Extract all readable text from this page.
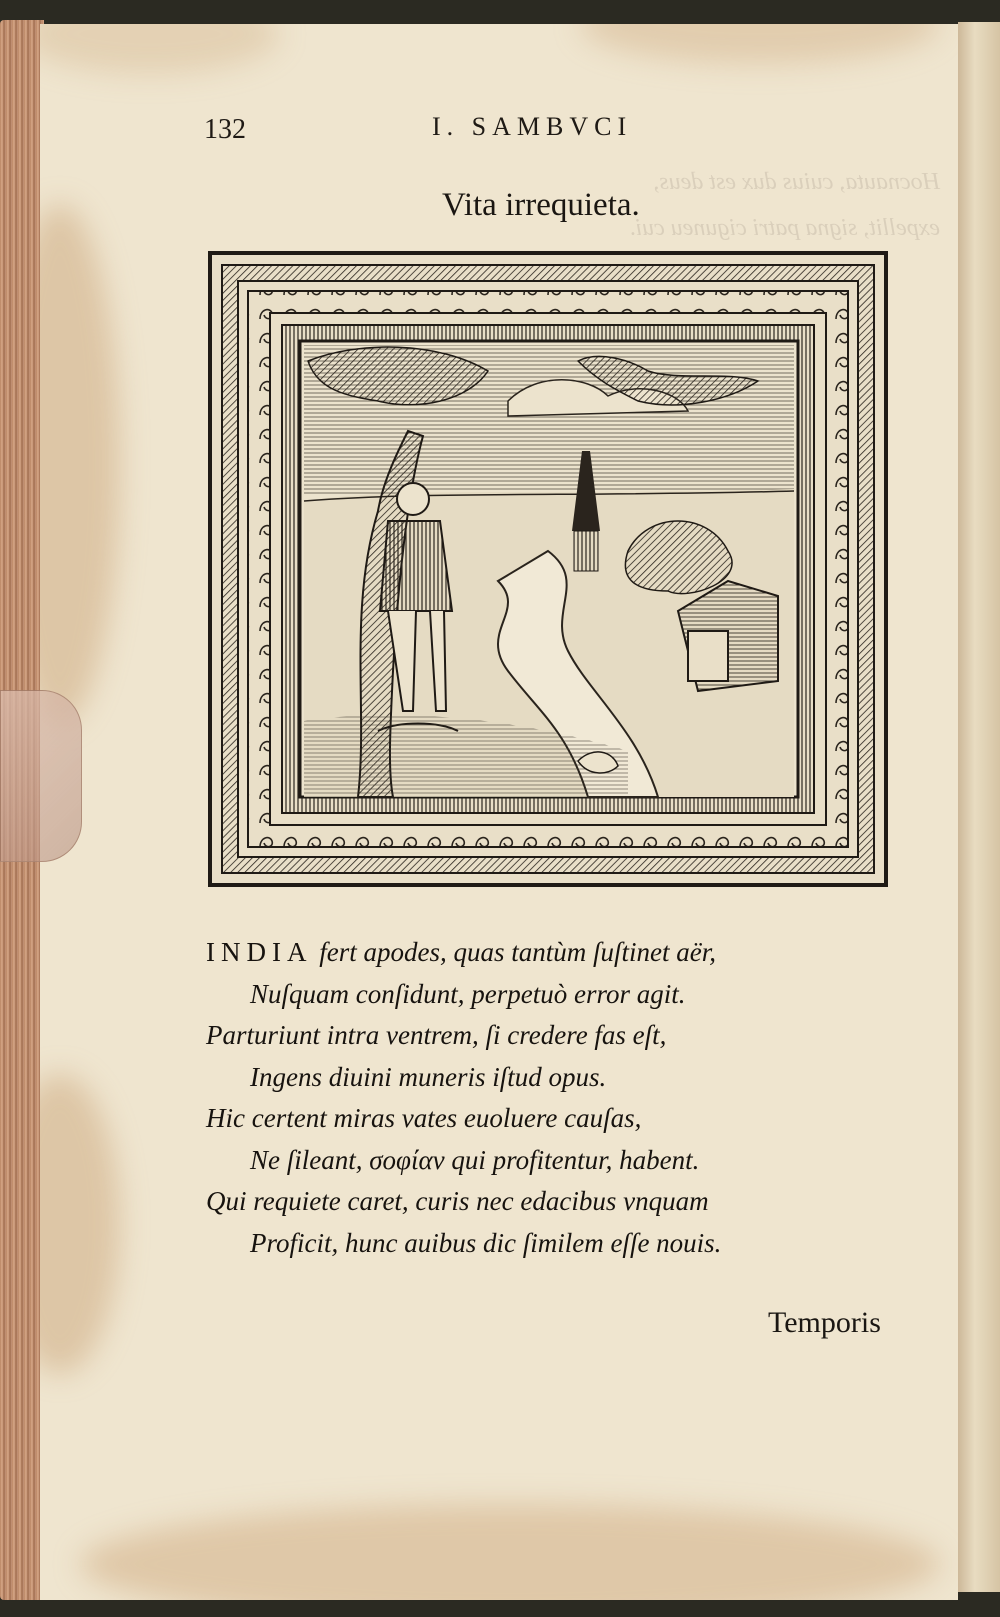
Hocnauta, cuius dux est deus,
expellit, signa patri ciguneu cui.
132	I. SAMBVCI
Vita irrequieta.
INDIA fert apodes, quas tantùm ſuſtinet aër,
Nuſquam conſidunt, perpetuò error agit.
Parturiunt intra ventrem, ſi credere fas eſt,
Ingens diuini muneris iſtud opus.
Hic certent miras vates euoluere cauſas,
Ne ſileant, σοφίαν qui profitentur, habent.
Qui requiete caret, curis nec edacibus vnquam
Proficit, hunc auibus dic ſimilem eſſe nouis.
Temporis
